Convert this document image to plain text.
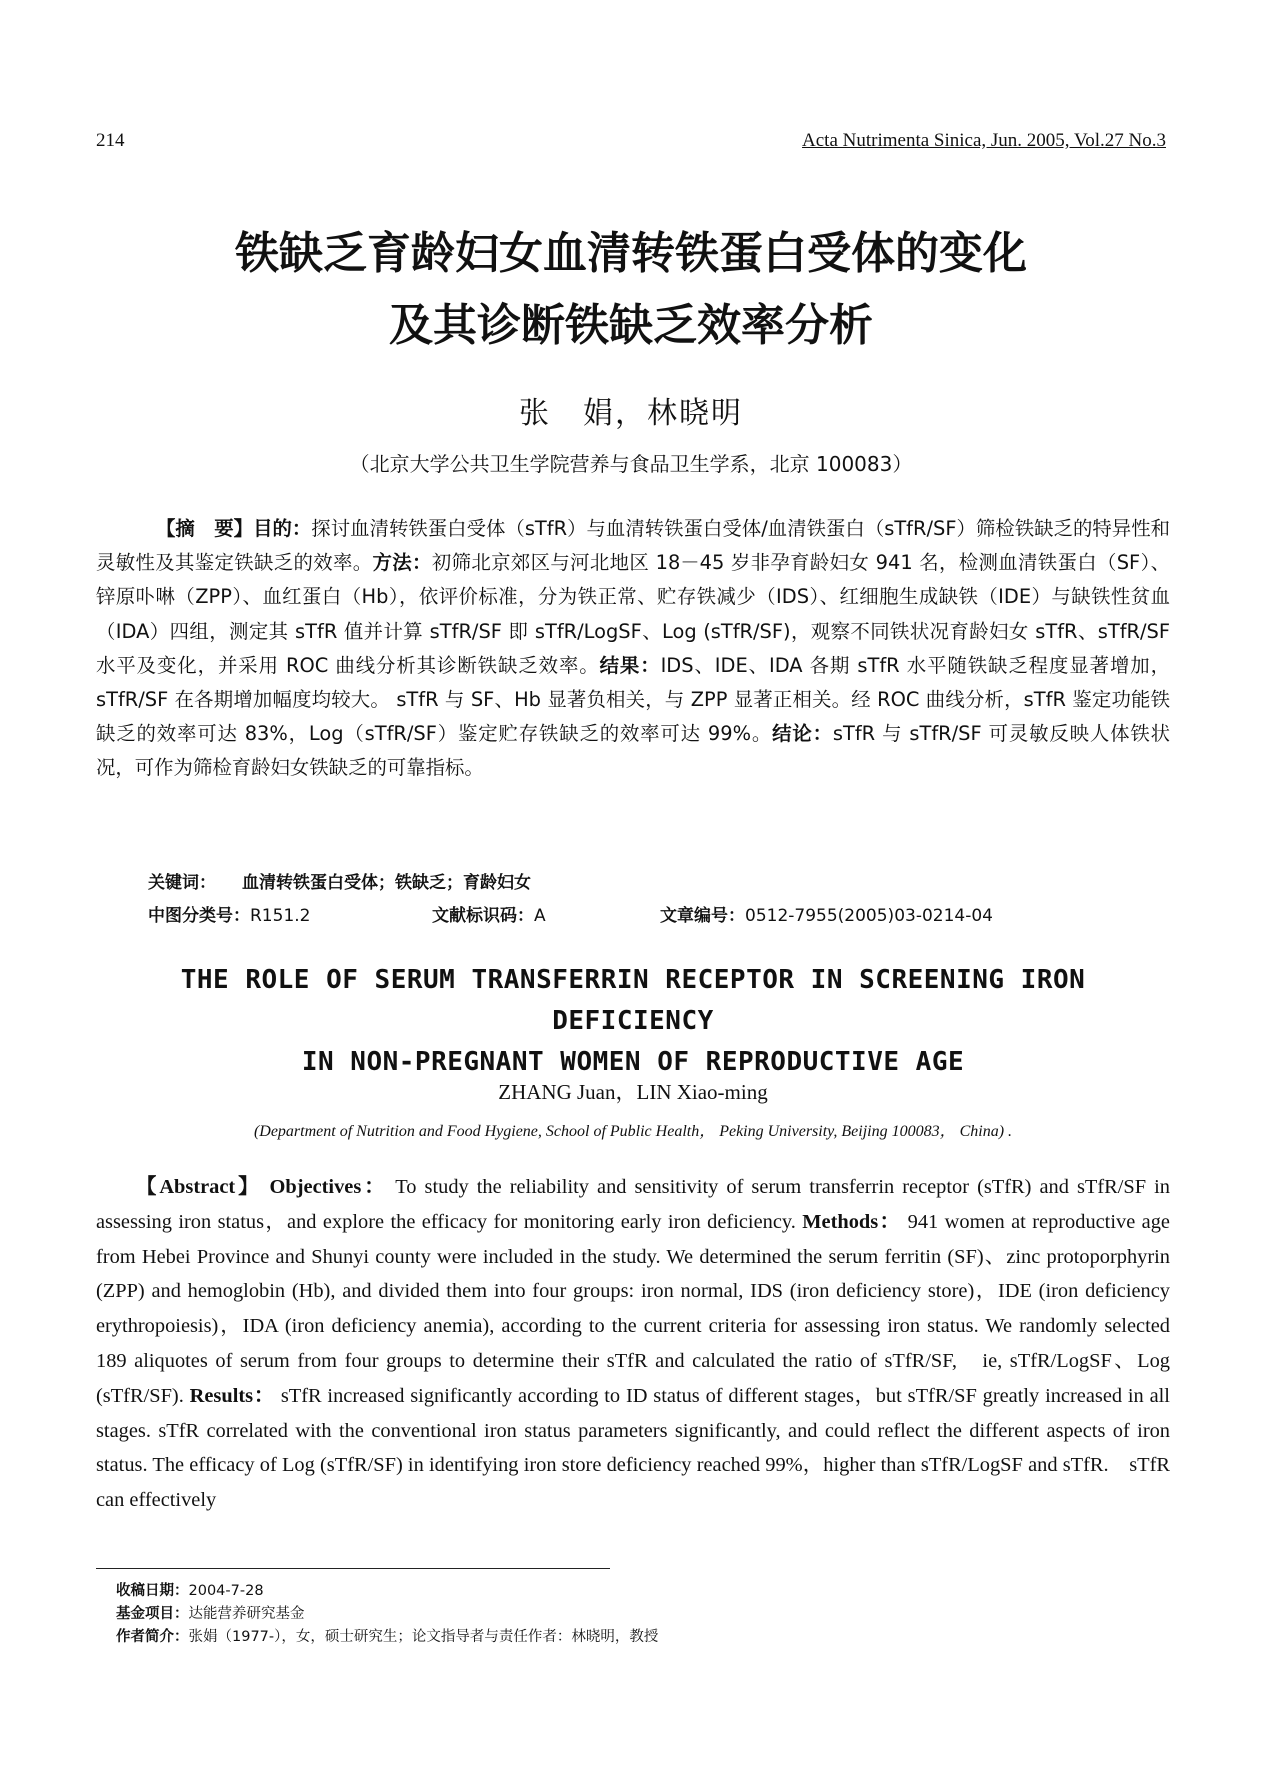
214	Acta Nutrimenta Sinica, Jun. 2005, Vol.27 No.3
铁缺乏育龄妇女血清转铁蛋白受体的变化
及其诊断铁缺乏效率分析
张　娟，林晓明
（北京大学公共卫生学院营养与食品卫生学系，北京 100083）
【摘　要】目的：探讨血清转铁蛋白受体（sTfR）与血清转铁蛋白受体/血清铁蛋白（sTfR/SF）筛检铁缺乏的特异性和灵敏性及其鉴定铁缺乏的效率。方法：初筛北京郊区与河北地区 18－45 岁非孕育龄妇女 941 名，检测血清铁蛋白（SF）、锌原卟啉（ZPP）、血红蛋白（Hb），依评价标准，分为铁正常、贮存铁减少（IDS）、红细胞生成缺铁（IDE）与缺铁性贫血（IDA）四组，测定其 sTfR 值并计算 sTfR/SF 即 sTfR/LogSF、Log (sTfR/SF)，观察不同铁状况育龄妇女 sTfR、sTfR/SF 水平及变化，并采用 ROC 曲线分析其诊断铁缺乏效率。结果：IDS、IDE、IDA 各期 sTfR 水平随铁缺乏程度显著增加，sTfR/SF 在各期增加幅度均较大。 sTfR 与 SF、Hb 显著负相关，与 ZPP 显著正相关。经 ROC 曲线分析，sTfR 鉴定功能铁缺乏的效率可达 83%，Log（sTfR/SF）鉴定贮存铁缺乏的效率可达 99%。结论：sTfR 与 sTfR/SF 可灵敏反映人体铁状况，可作为筛检育龄妇女铁缺乏的可靠指标。
关键词： 血清转铁蛋白受体；铁缺乏；育龄妇女
中图分类号：R151.2	文献标识码：A	文章编号：0512-7955(2005)03-0214-04
THE ROLE OF SERUM TRANSFERRIN RECEPTOR IN SCREENING IRON DEFICIENCY
IN NON-PREGNANT WOMEN OF REPRODUCTIVE AGE
ZHANG Juan，LIN Xiao-ming
(Department of Nutrition and Food Hygiene, School of Public Health， Peking University, Beijing 100083， China) .
【Abstract】 Objectives： To study the reliability and sensitivity of serum transferrin receptor (sTfR) and sTfR/SF in assessing iron status，and explore the efficacy for monitoring early iron deficiency. Methods： 941 women at reproductive age from Hebei Province and Shunyi county were included in the study. We determined the serum ferritin (SF)、zinc protoporphyrin (ZPP) and hemoglobin (Hb), and divided them into four groups: iron normal, IDS (iron deficiency store)，IDE (iron deficiency erythropoiesis)，IDA (iron deficiency anemia), according to the current criteria for assessing iron status. We randomly selected 189 aliquotes of serum from four groups to determine their sTfR and calculated the ratio of sTfR/SF,　ie, sTfR/LogSF、Log (sTfR/SF). Results： sTfR increased significantly according to ID status of different stages，but sTfR/SF greatly increased in all stages. sTfR correlated with the conventional iron status parameters significantly, and could reflect the different aspects of iron status. The efficacy of Log (sTfR/SF) in identifying iron store deficiency reached 99%，higher than sTfR/LogSF and sTfR.　sTfR can effectively
收稿日期：2004-7-28
基金项目：达能营养研究基金
作者简介：张娟（1977-），女，硕士研究生；论文指导者与责任作者：林晓明，教授
